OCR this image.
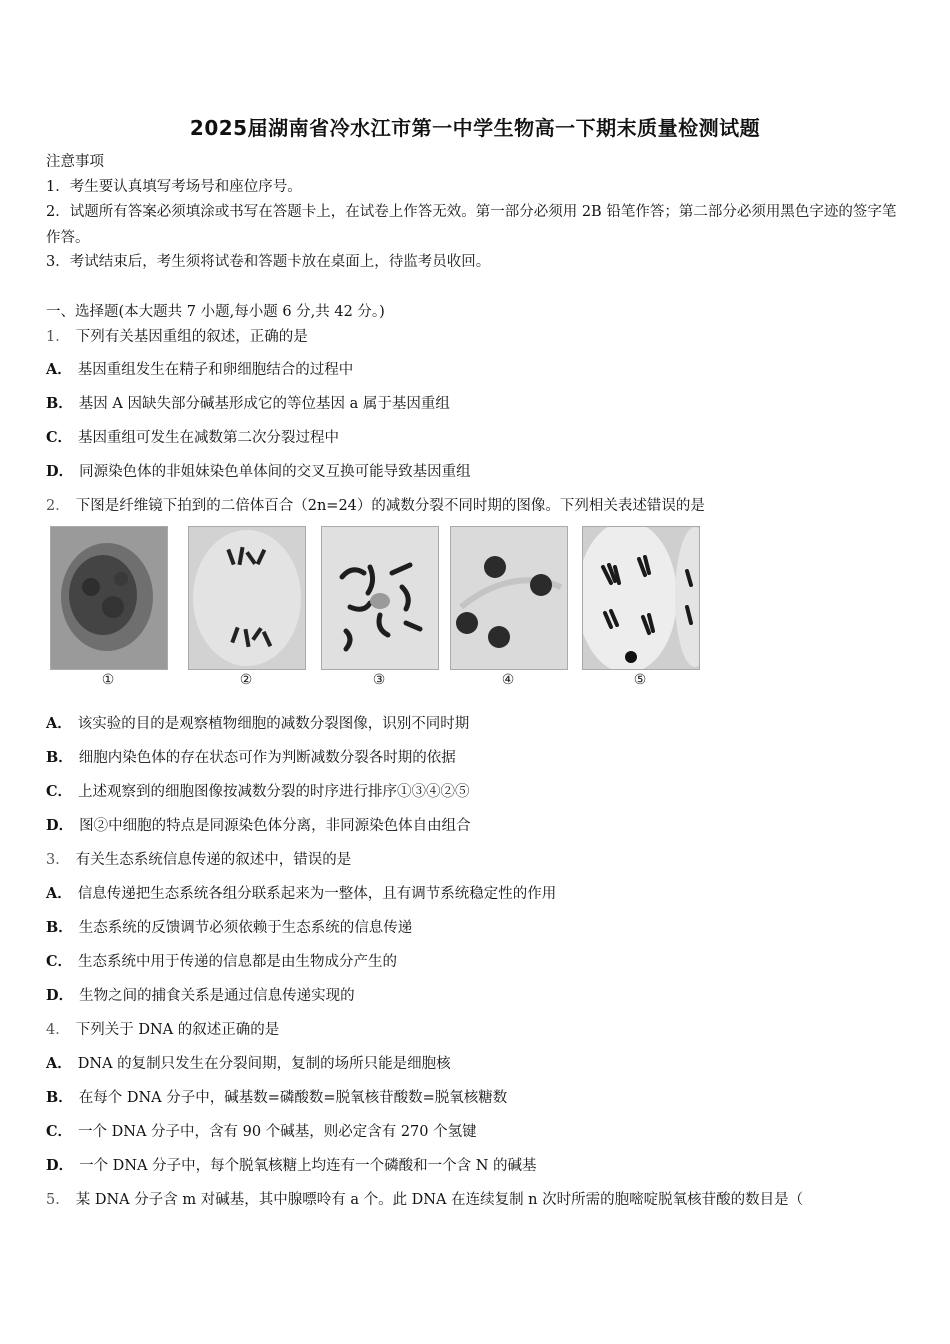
2025届湖南省冷水江市第一中学生物高一下期末质量检测试题
注意事项
1．考生要认真填写考场号和座位序号。
2．试题所有答案必须填涂或书写在答题卡上，在试卷上作答无效。第一部分必须用 2B 铅笔作答；第二部分必须用黑色字迹的签字笔作答。
3．考试结束后，考生须将试卷和答题卡放在桌面上，待监考员收回。
一、选择题(本大题共 7 小题,每小题 6 分,共 42 分。)
1． 下列有关基因重组的叙述，正确的是
A． 基因重组发生在精子和卵细胞结合的过程中
B． 基因 A 因缺失部分碱基形成它的等位基因 a 属于基因重组
C． 基因重组可发生在减数第二次分裂过程中
D． 同源染色体的非姐妹染色单体间的交叉互换可能导致基因重组
2． 下图是纤维镜下拍到的二倍体百合（2n=24）的减数分裂不同时期的图像。下列相关表述错误的是
①	②	③	④	⑤
A． 该实验的目的是观察植物细胞的减数分裂图像，识别不同时期
B． 细胞内染色体的存在状态可作为判断减数分裂各时期的依据
C． 上述观察到的细胞图像按减数分裂的时序进行排序①③④②⑤
D． 图②中细胞的特点是同源染色体分离，非同源染色体自由组合
3． 有关生态系统信息传递的叙述中，错误的是
A． 信息传递把生态系统各组分联系起来为一整体，且有调节系统稳定性的作用
B． 生态系统的反馈调节必须依赖于生态系统的信息传递
C． 生态系统中用于传递的信息都是由生物成分产生的
D． 生物之间的捕食关系是通过信息传递实现的
4． 下列关于 DNA 的叙述正确的是
A． DNA 的复制只发生在分裂间期，复制的场所只能是细胞核
B． 在每个 DNA 分子中，碱基数=磷酸数=脱氧核苷酸数=脱氧核糖数
C． 一个 DNA 分子中，含有 90 个碱基，则必定含有 270 个氢键
D． 一个 DNA 分子中，每个脱氧核糖上均连有一个磷酸和一个含 N 的碱基
5． 某 DNA 分子含 m 对碱基，其中腺嘌呤有 a 个。此 DNA 在连续复制 n 次时所需的胞嘧啶脱氧核苷酸的数目是（
